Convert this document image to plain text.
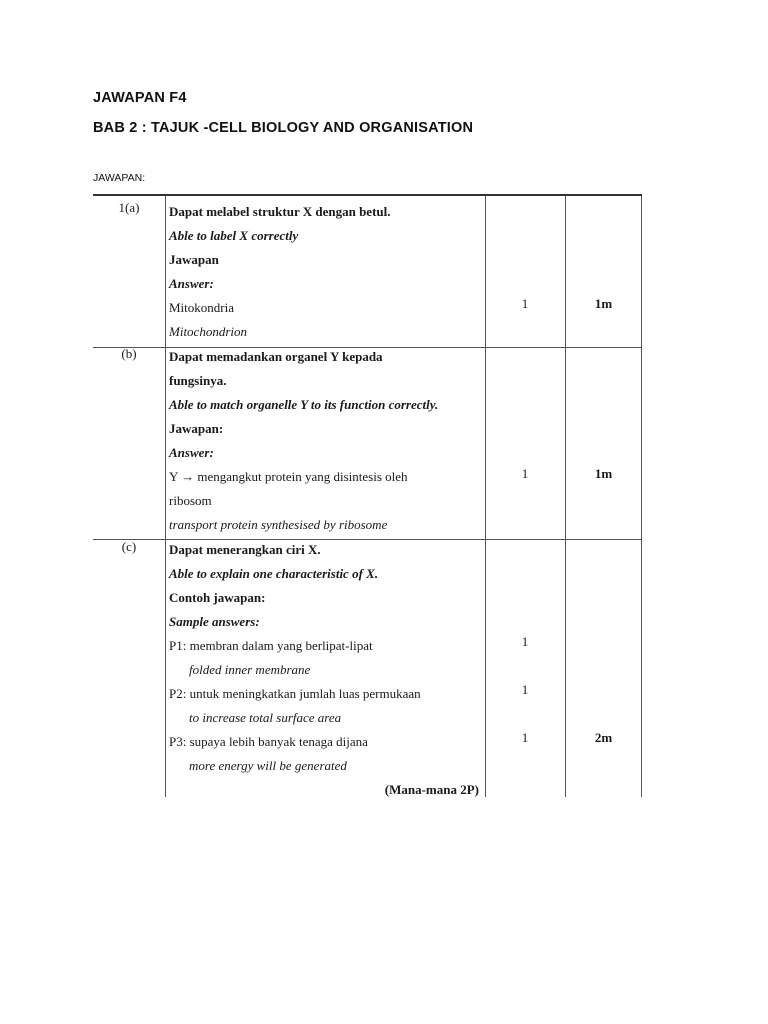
JAWAPAN F4
BAB 2 : TAJUK -CELL BIOLOGY AND ORGANISATION
JAWAPAN:
1(a)	Dapat melabel struktur X dengan betul.
Able to label X correctly
Jawapan
Answer:
Mitokondria
Mitochondrion
1	1m
(b)	Dapat memadankan organel Y kepada
fungsinya.
Able to match organelle Y to its function correctly.
Jawapan:
Answer:
Y → mengangkut protein yang disintesis oleh
ribosom
transport protein synthesised by ribosome
1	1m
(c)	Dapat menerangkan ciri X.
Able to explain one characteristic of X.
Contoh jawapan:
Sample answers:
P1: membran dalam yang berlipat-lipat
folded inner membrane
P2: untuk meningkatkan jumlah luas permukaan
to increase total surface area
P3: supaya lebih banyak tenaga dijana
more energy will be generated
(Mana-mana 2P)
1
1
1	2m
